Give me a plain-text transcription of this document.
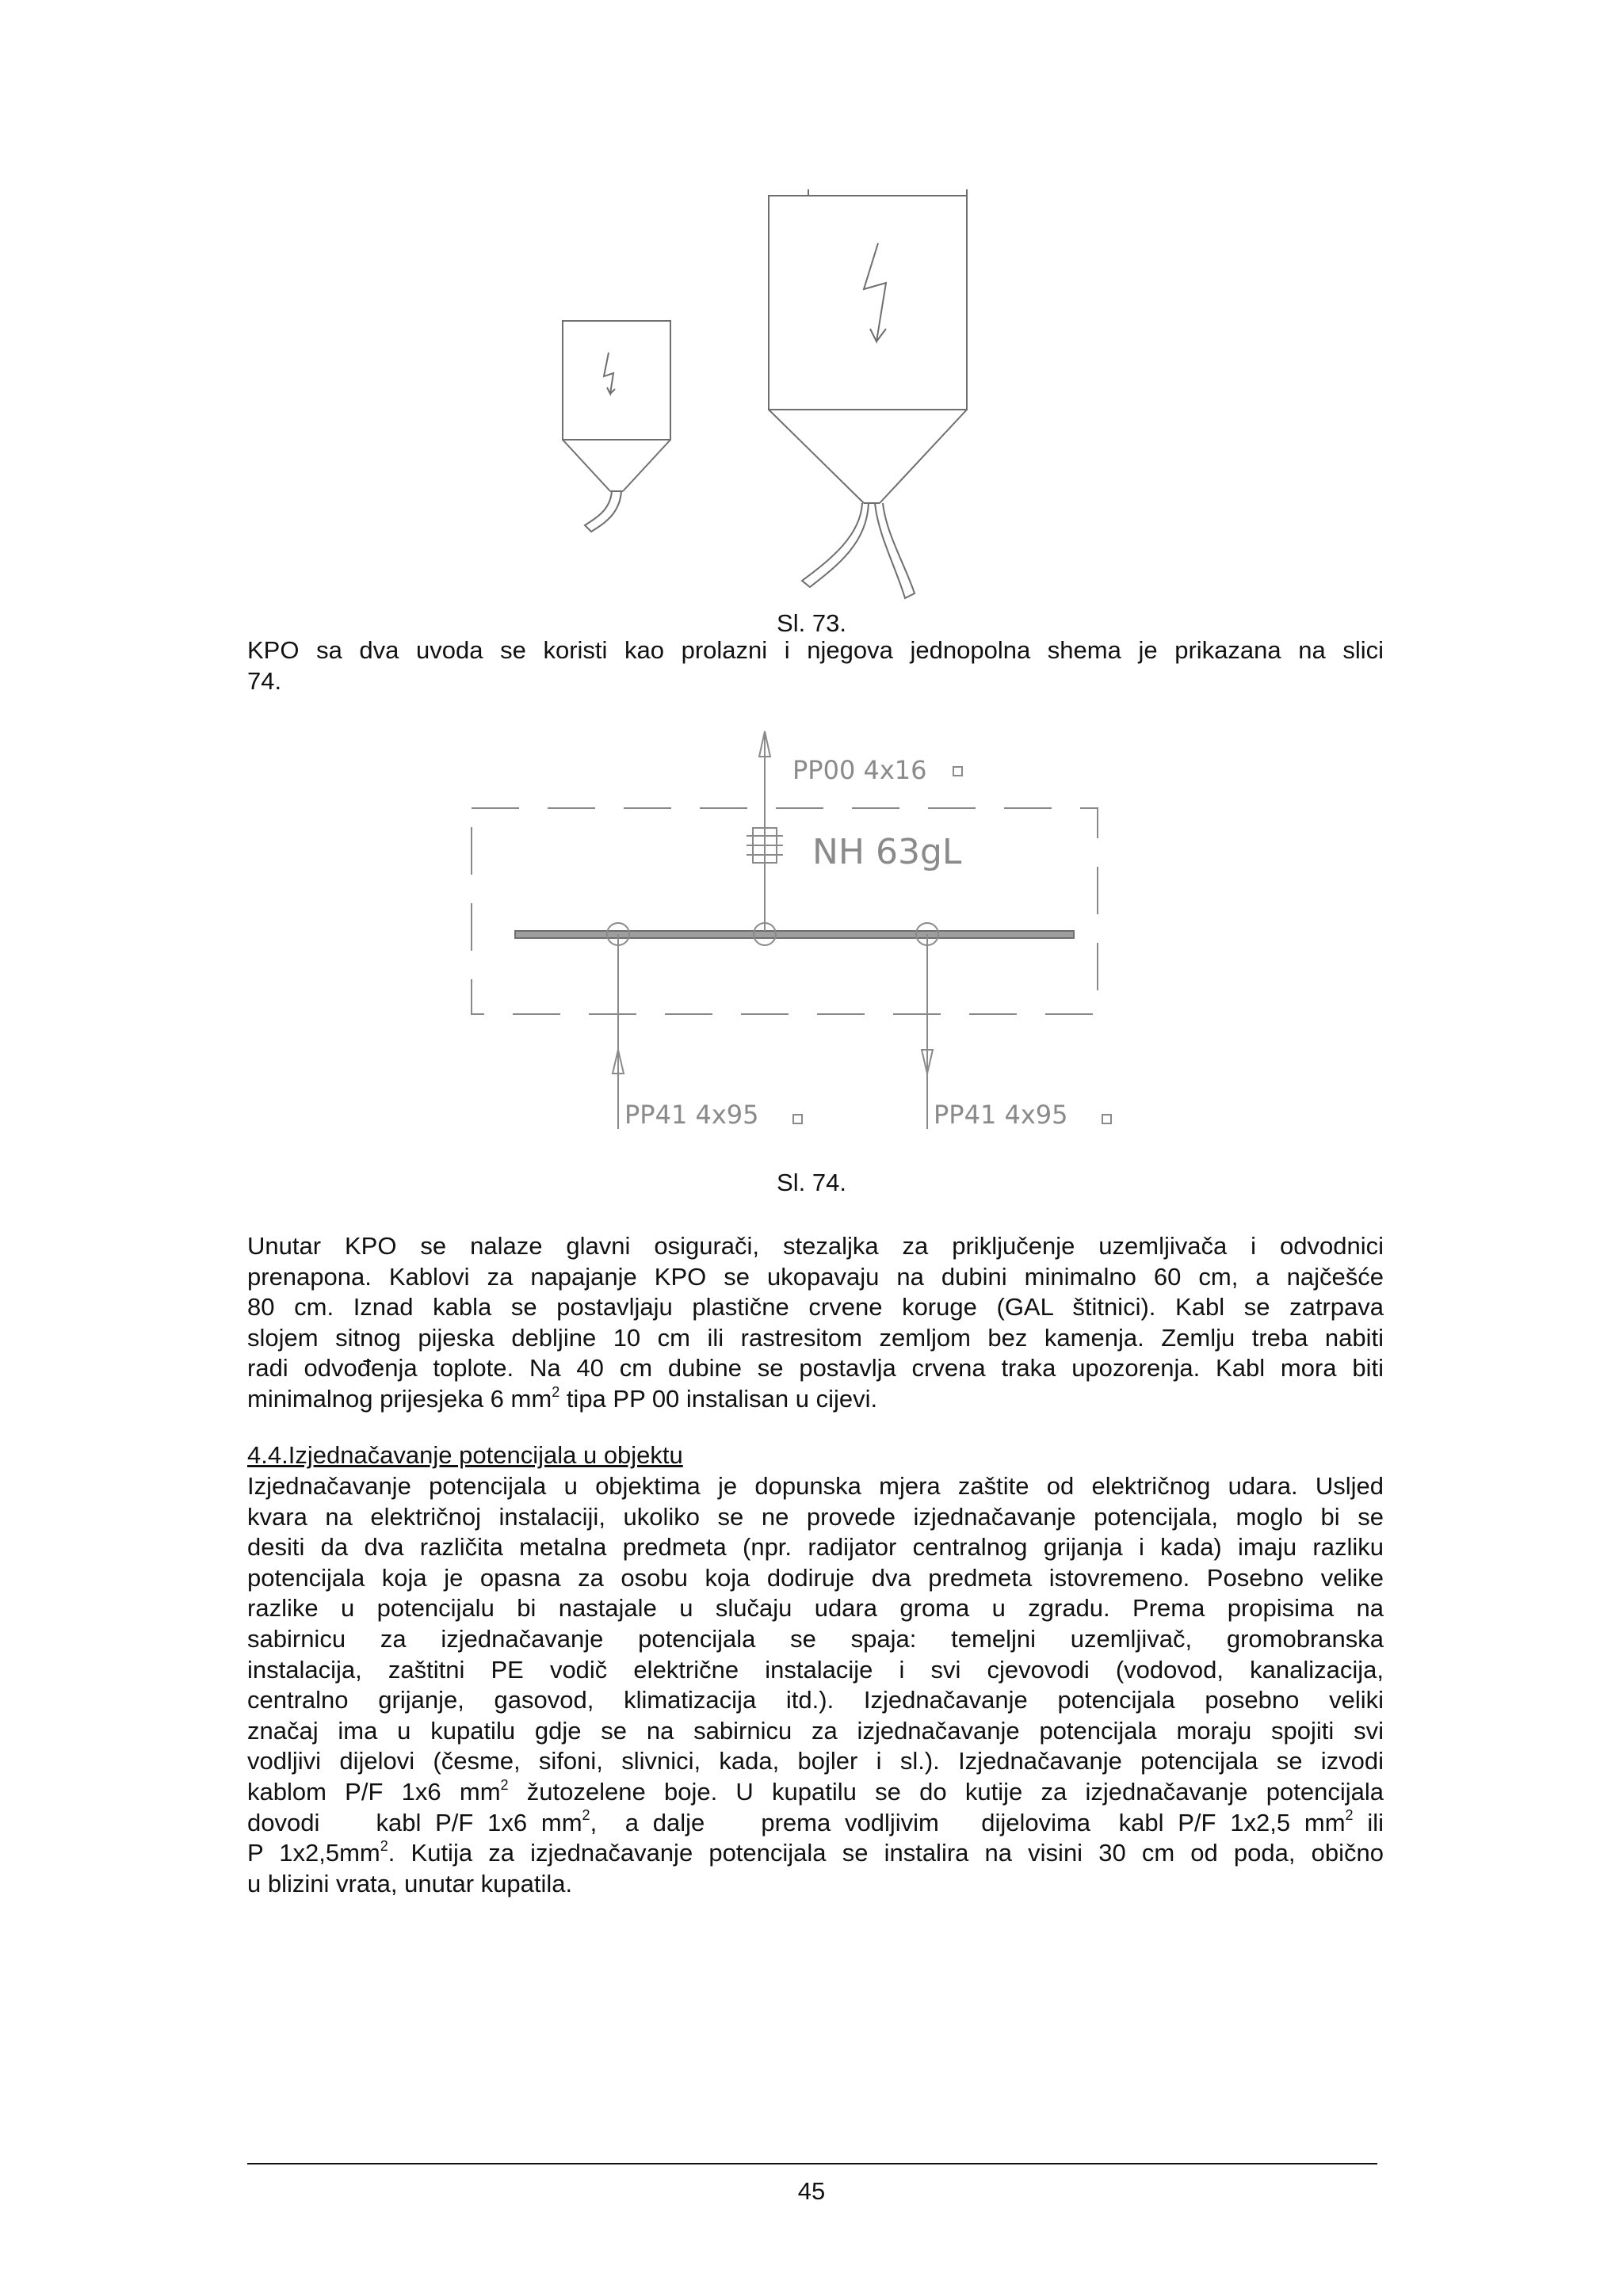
Sl. 73.

KPO sa dva uvoda se koristi kao prolazni i njegova jednopolna shema je prikazana na slici
74.

PP00 4x16
NH 63gL
PP41 4x95	PP41 4x95
Sl. 74.

Unutar KPO se nalaze glavni osigurači, stezaljka za priključenje uzemljivača i odvodnici
prenapona. Kablovi za napajanje KPO se ukopavaju na dubini minimalno 60 cm, a najčešće
80 cm. Iznad kabla se postavljaju plastične crvene koruge (GAL štitnici). Kabl se zatrpava
slojem sitnog pijeska debljine 10 cm ili rastresitom zemljom bez kamenja. Zemlju treba nabiti
radi odvođenja toplote. Na 40 cm dubine se postavlja crvena traka upozorenja. Kabl mora biti
minimalnog prijesjeka 6 $mm^2$ tipa PP 00 instalisan u cijevi.

4.4.Izjednačavanje potencijala u objektu

Izjednačavanje potencijala u objektima je dopunska mjera zaštite od električnog udara. Usljed
kvara na električnoj instalaciji, ukoliko se ne provede izjednačavanje potencijala, moglo bi se
desiti da dva različita metalna predmeta (npr. radijator centralnog grijanja i kada) imaju razliku
potencijala koja je opasna za osobu koja dodiruje dva predmeta istovremeno. Posebno velike
razlike u potencijalu bi nastajale u slučaju udara groma u zgradu. Prema propisima na
sabirnicu za izjednačavanje potencijala se spaja: temeljni uzemljivač, gromobranska
instalacija, zaštitni PE vodič električne instalacije i svi cjevovodi (vodovod, kanalizacija,
centralno grijanje, gasovod, klimatizacija itd.). Izjednačavanje potencijala posebno veliki
značaj ima u kupatilu gdje se na sabirnicu za izjednačavanje potencijala moraju spojiti svi
vodljivi dijelovi (česme, sifoni, slivnici, kada, bojler i sl.). Izjednačavanje potencijala se izvodi
kablom P/F 1x6 $mm^2$ žutozelene boje. U kupatilu se do kutije za izjednačavanje potencijala
dovodi    kabl P/F 1x6 $mm^2$,  a dalje    prema vodljivim   dijelovima  kabl P/F 1x2,5 $mm^2$ ili
P $1x2,5mm^2$. Kutija za izjednačavanje potencijala se instalira na visini 30 cm od poda, obično
u blizini vrata, unutar kupatila.

45
